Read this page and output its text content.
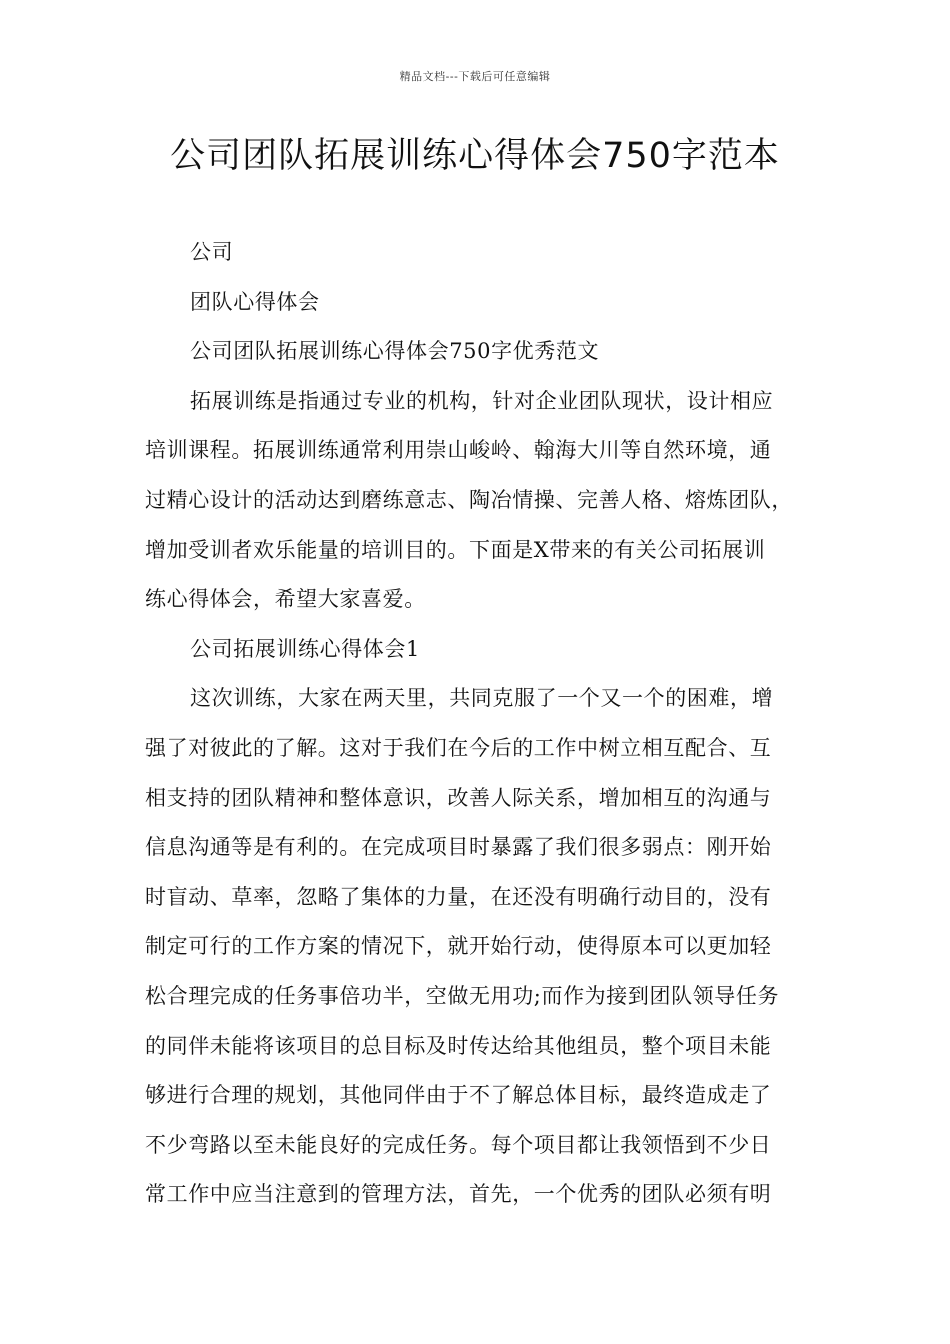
精品文档---下载后可任意编辑
公司团队拓展训练心得体会750字范本
公司
团队心得体会
公司团队拓展训练心得体会750字优秀范文
拓展训练是指通过专业的机构，针对企业团队现状，设计相应
培训课程。拓展训练通常利用崇山峻岭、翰海大川等自然环境，通
过精心设计的活动达到磨练意志、陶冶情操、完善人格、熔炼团队，
增加受训者欢乐能量的培训目的。下面是X带来的有关公司拓展训
练心得体会，希望大家喜爱。
公司拓展训练心得体会1
这次训练，大家在两天里，共同克服了一个又一个的困难，增
强了对彼此的了解。这对于我们在今后的工作中树立相互配合、互
相支持的团队精神和整体意识，改善人际关系，增加相互的沟通与
信息沟通等是有利的。在完成项目时暴露了我们很多弱点：刚开始
时盲动、草率，忽略了集体的力量，在还没有明确行动目的，没有
制定可行的工作方案的情况下，就开始行动，使得原本可以更加轻
松合理完成的任务事倍功半，空做无用功;而作为接到团队领导任务
的同伴未能将该项目的总目标及时传达给其他组员，整个项目未能
够进行合理的规划，其他同伴由于不了解总体目标，最终造成走了
不少弯路以至未能良好的完成任务。每个项目都让我领悟到不少日
常工作中应当注意到的管理方法，首先，一个优秀的团队必须有明
